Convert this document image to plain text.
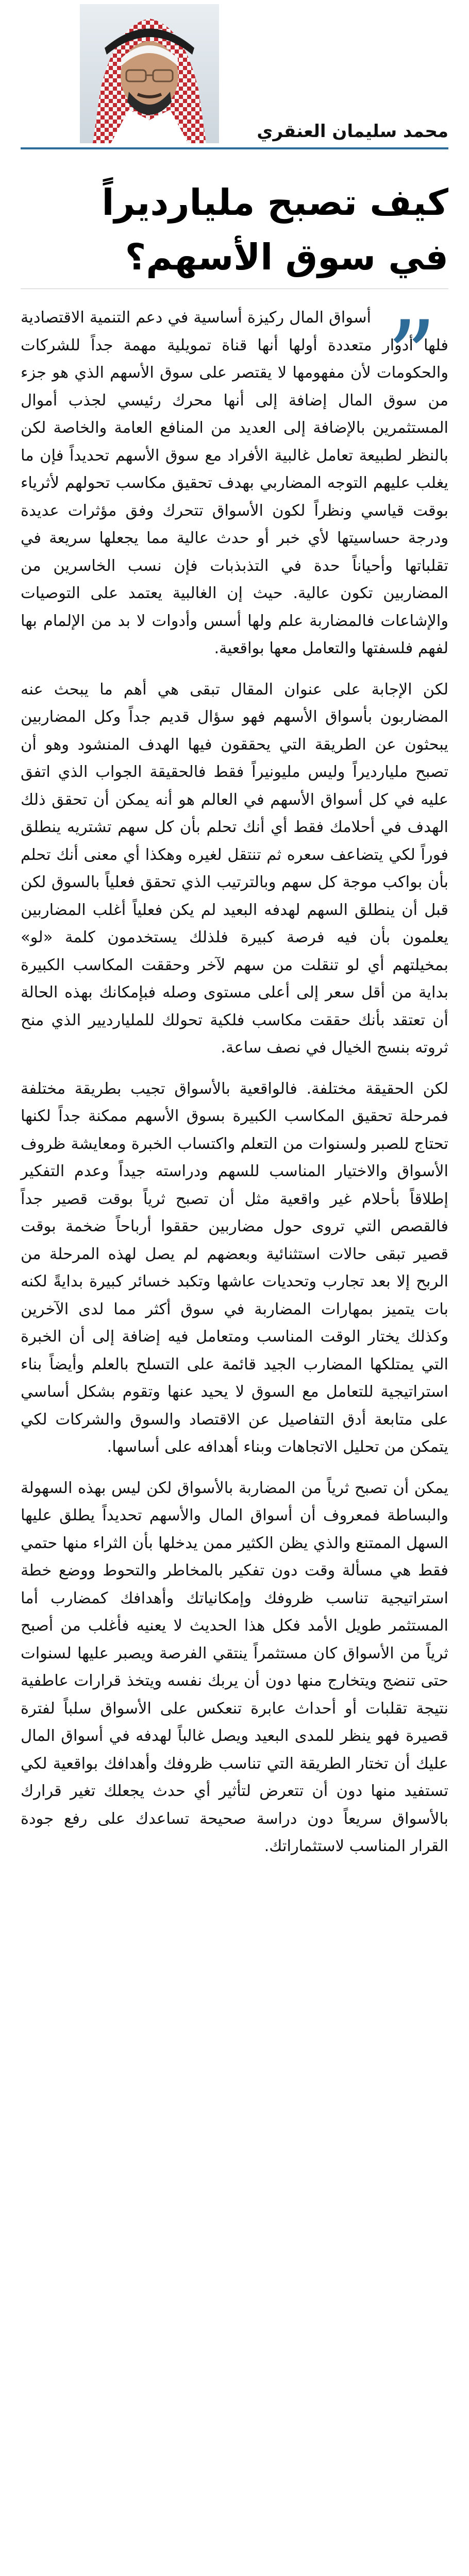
محمد سليمان العنقري
كيف تصبح مليارديراً
في سوق الأسهم؟
”

أسواق المال ركيزة أساسية في دعم التنمية الاقتصادية فلها أدوار متعددة أولها أنها قناة تمويلية مهمة جداً للشركات والحكومات لأن مفهومها لا يقتصر على سوق الأسهم الذي هو جزء من سوق المال إضافة إلى أنها محرك رئيسي لجذب أموال المستثمرين بالإضافة إلى العديد من المنافع العامة والخاصة لكن بالنظر لطبيعة تعامل غالبية الأفراد مع سوق الأسهم تحديداً فإن ما يغلب عليهم التوجه المضاربي بهدف تحقيق مكاسب تحولهم لأثرياء بوقت قياسي ونظراً لكون الأسواق تتحرك وفق مؤثرات عديدة ودرجة حساسيتها لأي خبر أو حدث عالية مما يجعلها سريعة في تقلباتها وأحياناً حدة في التذبذبات فإن نسب الخاسرين من المضاربين تكون عالية. حيث إن الغالبية يعتمد على التوصيات والإشاعات فالمضاربة علم ولها أسس وأدوات لا بد من الإلمام بها لفهم فلسفتها والتعامل معها بواقعية.

لكن الإجابة على عنوان المقال تبقى هي أهم ما يبحث عنه المضاربون بأسواق الأسهم فهو سؤال قديم جداً وكل المضاربين يبحثون عن الطريقة التي يحققون فيها الهدف المنشود وهو أن تصبح مليارديراً وليس مليونيراً فقط فالحقيقة الجواب الذي اتفق عليه في كل أسواق الأسهم في العالم هو أنه يمكن أن تحقق ذلك الهدف في أحلامك فقط أي أنك تحلم بأن كل سهم تشتريه ينطلق فوراً لكي يتضاعف سعره ثم تنتقل لغيره وهكذا أي معنى أنك تحلم بأن بواكب موجة كل سهم وبالترتيب الذي تحقق فعلياً بالسوق لكن قبل أن ينطلق السهم لهدفه البعيد لم يكن فعلياً أغلب المضاربين يعلمون بأن فيه فرصة كبيرة فلذلك يستخدمون كلمة «لو» بمخيلتهم أي لو تنقلت من سهم لآخر وحققت المكاسب الكبيرة بداية من أقل سعر إلى أعلى مستوى وصله فبإمكانك بهذه الحالة أن تعتقد بأنك حققت مكاسب فلكية تحولك للمليارديير الذي منح ثروته بنسج الخيال في نصف ساعة.

لكن الحقيقة مختلفة. فالواقعية بالأسواق تجيب بطريقة مختلفة فمرحلة تحقيق المكاسب الكبيرة بسوق الأسهم ممكنة جداً لكنها تحتاج للصبر ولسنوات من التعلم واكتساب الخبرة ومعايشة ظروف الأسواق والاختيار المناسب للسهم ودراسته جيداً وعدم التفكير إطلاقاً بأحلام غير واقعية مثل أن تصبح ثرياً بوقت قصير جداً فالقصص التي تروى حول مضاربين حققوا أرباحاً ضخمة بوقت قصير تبقى حالات استثنائية وبعضهم لم يصل لهذه المرحلة من الربح إلا بعد تجارب وتحديات عاشها وتكبد خسائر كبيرة بدايةً لكنه بات يتميز بمهارات المضاربة في سوق أكثر مما لدى الآخرين وكذلك يختار الوقت المناسب ومتعامل فيه إضافة إلى أن الخبرة التي يمتلكها المضارب الجيد قائمة على التسلح بالعلم وأيضاً بناء استراتيجية للتعامل مع السوق لا يحيد عنها وتقوم بشكل أساسي على متابعة أدق التفاصيل عن الاقتصاد والسوق والشركات لكي يتمكن من تحليل الاتجاهات وبناء أهدافه على أساسها.

يمكن أن تصبح ثرياً من المضاربة بالأسواق لكن ليس بهذه السهولة والبساطة فمعروف أن أسواق المال والأسهم تحديداً يطلق عليها السهل الممتنع والذي يظن الكثير ممن يدخلها بأن الثراء منها حتمي فقط هي مسألة وقت دون تفكير بالمخاطر والتحوط ووضع خطة استراتيجية تناسب ظروفك وإمكانياتك وأهدافك كمضارب أما المستثمر طويل الأمد فكل هذا الحديث لا يعنيه فأغلب من أصبح ثرياً من الأسواق كان مستثمراً ينتقي الفرصة ويصبر عليها لسنوات حتى تنضج ويتخارج منها دون أن يربك نفسه ويتخذ قرارات عاطفية نتيجة تقلبات أو أحداث عابرة تنعكس على الأسواق سلباً لفترة قصيرة فهو ينظر للمدى البعيد ويصل غالباً لهدفه في أسواق المال عليك أن تختار الطريقة التي تناسب ظروفك وأهدافك بواقعية لكي تستفيد منها دون أن تتعرض لتأثير أي حدث يجعلك تغير قرارك بالأسواق سريعاً دون دراسة صحيحة تساعدك على رفع جودة القرار المناسب لاستثماراتك.
